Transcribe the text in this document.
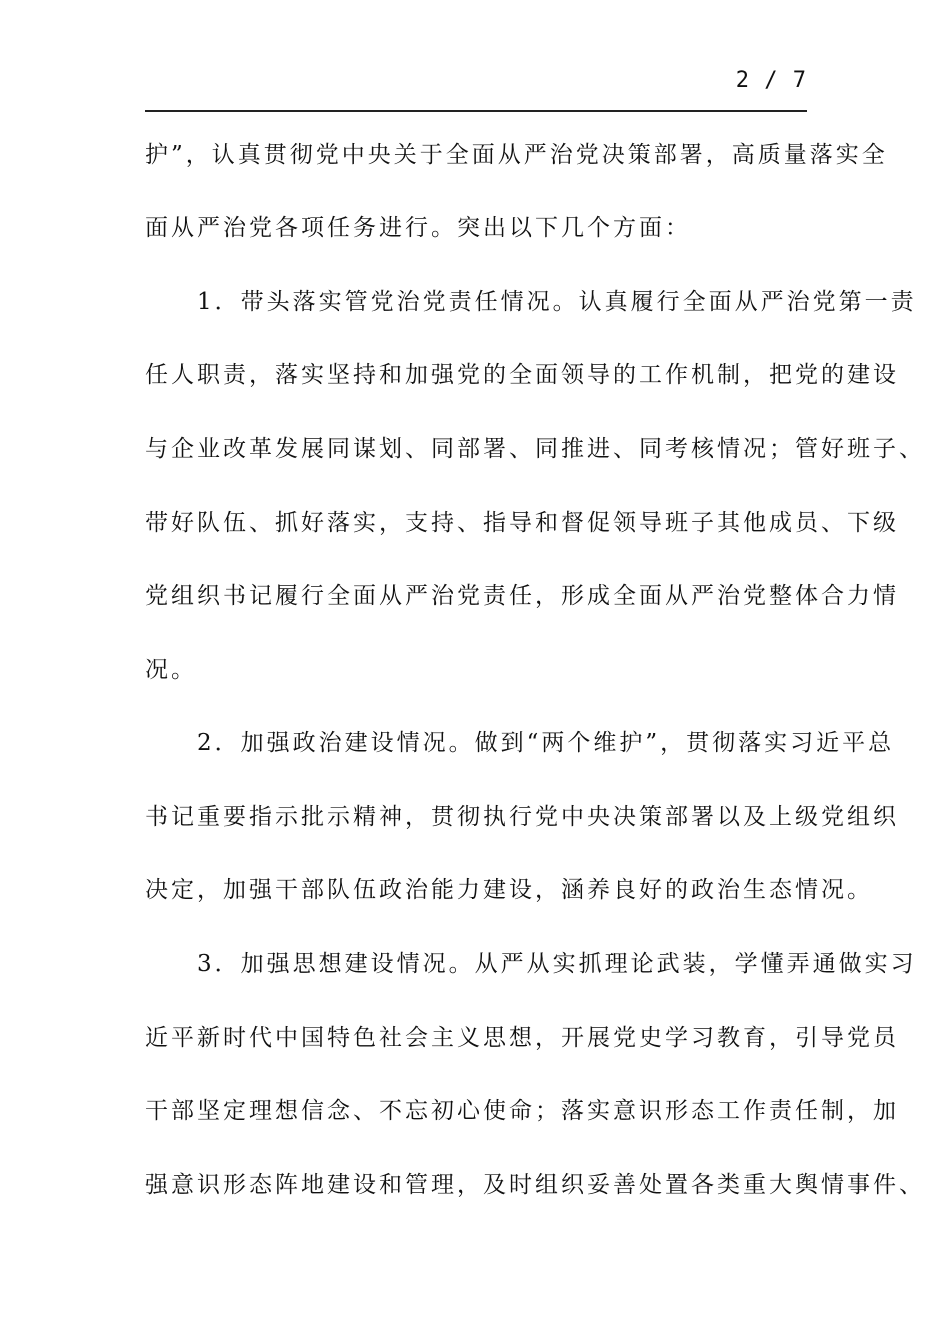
2 / 7
护”，认真贯彻党中央关于全面从严治党决策部署，高质量落实全
面从严治党各项任务进行。突出以下几个方面：
　　1．带头落实管党治党责任情况。认真履行全面从严治党第一责
任人职责，落实坚持和加强党的全面领导的工作机制，把党的建设
与企业改革发展同谋划、同部署、同推进、同考核情况；管好班子、
带好队伍、抓好落实，支持、指导和督促领导班子其他成员、下级
党组织书记履行全面从严治党责任，形成全面从严治党整体合力情
况。
　　2．加强政治建设情况。做到“两个维护”，贯彻落实习近平总
书记重要指示批示精神，贯彻执行党中央决策部署以及上级党组织
决定，加强干部队伍政治能力建设，涵养良好的政治生态情况。
　　3．加强思想建设情况。从严从实抓理论武装，学懂弄通做实习
近平新时代中国特色社会主义思想，开展党史学习教育，引导党员
干部坚定理想信念、不忘初心使命；落实意识形态工作责任制，加
强意识形态阵地建设和管理，及时组织妥善处置各类重大舆情事件、
